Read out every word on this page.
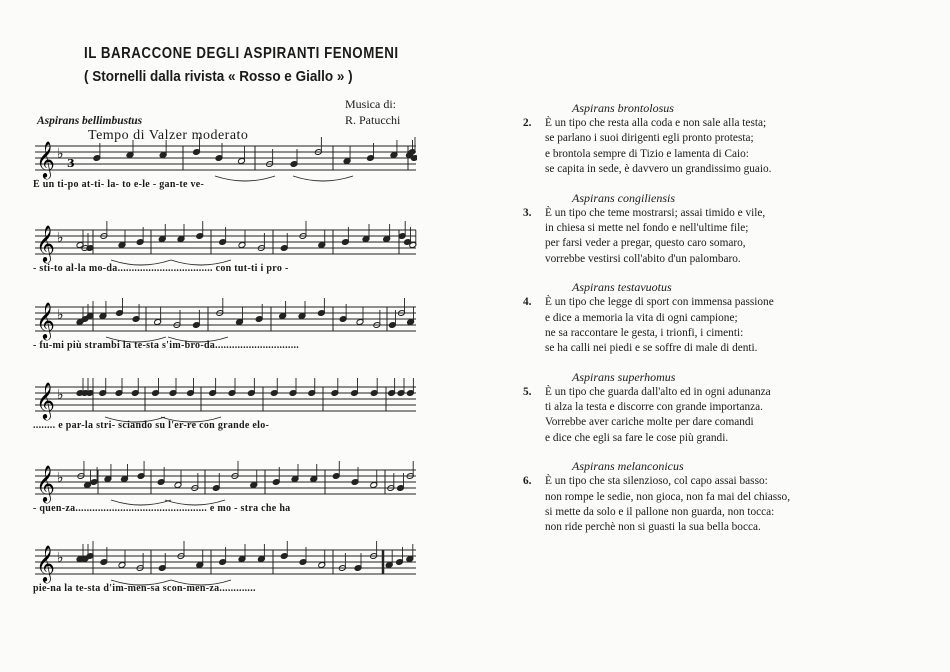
IL BARACCONE DEGLI ASPIRANTI FENOMENI
( Stornelli dalla rivista « Rosso e Giallo » )
Musica di:
R. Patucchi
Aspirans bellimbustus
Tempo di Valzer moderato
𝄞 ♭
3
È un ti-po at-ti- la- to e-le - gan-te ve-
𝄞 ♭
- sti-to al-la mo-da.................................. con tut-ti i pro -
𝄞 ♭
- fu-mi più strambi la te-sta s'im-bro-da..............................
𝄞 ♭
........ e par-la stri- sciando su l'er-re con grande elo-
𝄞 ♭
- quen-za............................................... e mo - stra che ha
𝄞 ♭
pie-na la te-sta d'im-men-sa scon-men-za.............
Aspirans brontolosus
2. È un tipo che resta alla coda e non sale alla testa;
se parlano i suoi dirigenti egli pronto protesta;
e brontola sempre di Tizio e lamenta di Caio:
se capita in sede, è davvero un grandissimo guaio.
Aspirans congiliensis
3. È un tipo che teme mostrarsi; assai timido e vile,
in chiesa si mette nel fondo e nell'ultime file;
per farsi veder a pregar, questo caro somaro,
vorrebbe vestirsi coll'abito d'un palombaro.
Aspirans testavuotus
4. È un tipo che legge di sport con immensa passione
e dice a memoria la vita di ogni campione;
ne sa raccontare le gesta, i trionfi, i cimenti:
se ha calli nei piedi e se soffre di male di denti.
Aspirans superhomus
5. È un tipo che guarda dall'alto ed in ogni adunanza
ti alza la testa e discorre con grande importanza.
Vorrebbe aver cariche molte per dare comandi
e dice che egli sa fare le cose più grandi.
Aspirans melanconicus
6. È un tipo che sta silenzioso, col capo assai basso:
non rompe le sedie, non gioca, non fa mai del chiasso,
si mette da solo e il pallone non guarda, non tocca:
non ride perchè non si guasti la sua bella bocca.
